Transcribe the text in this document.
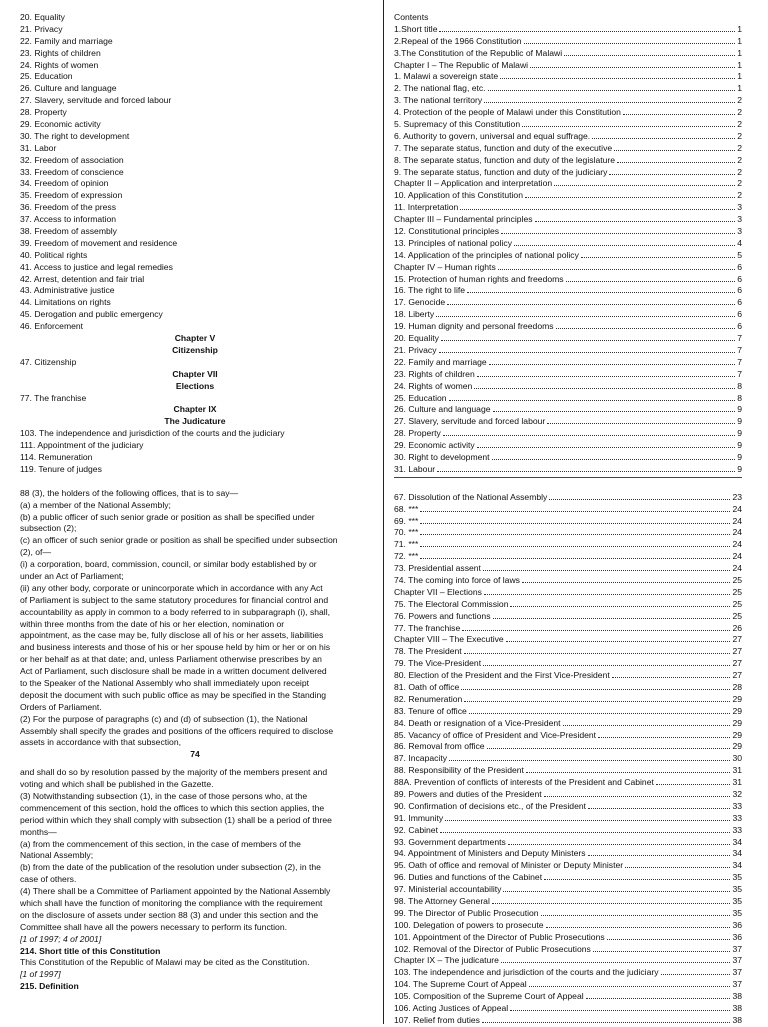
20. Equality
21. Privacy
22. Family and marriage
23. Rights of children
24. Rights of women
25. Education
26. Culture and language
27. Slavery, servitude and forced labour
28. Property
29. Economic activity
30. The right to development
31. Labor
32. Freedom of association
33. Freedom of conscience
34. Freedom of opinion
35. Freedom of expression
36. Freedom of the press
37. Access to information
38. Freedom of assembly
39. Freedom of movement and residence
40. Political rights
41. Access to justice and legal remedies
42. Arrest, detention and fair trial
43. Administrative justice
44. Limitations on rights
45. Derogation and public emergency
46. Enforcement
Chapter V
Citizenship
47. Citizenship
Chapter VII
Elections
77. The franchise
Chapter IX
The Judicature
103. The independence and jurisdiction of the courts and the judiciary
111. Appointment of the judiciary
114. Remuneration
119. Tenure of judges
88 (3), the holders of the following offices, that is to say—
(a) a member of the National Assembly;
(b) a public officer of such senior grade or position as shall be specified under
subsection (2);
(c) an officer of such senior grade or position as shall be specified under subsection
(2), of—
(i) a corporation, board, commission, council, or similar body established by or
under an Act of Parliament;
(ii) any other body, corporate or unincorporate which in accordance with any Act
of Parliament is subject to the same statutory procedures for financial control and
accountability as apply in common to a body referred to in subparagraph (i), shall,
within three months from the date of his or her election, nomination or
appointment, as the case may be, fully disclose all of his or her assets, liabilities
and business interests and those of his or her spouse held by him or her or on his
or her behalf as at that date; and, unless Parliament otherwise prescribes by an
Act of Parliament, such disclosure shall be made in a written document delivered
to the Speaker of the National Assembly who shall immediately upon receipt
deposit the document with such public office as may be specified in the Standing
Orders of Parliament.
(2) For the purpose of paragraphs (c) and (d) of subsection (1), the National
Assembly shall specify the grades and positions of the officers required to disclose
assets in accordance with that subsection,
74
and shall do so by resolution passed by the majority of the members present and
voting and which shall be published in the Gazette.
(3) Notwithstanding subsection (1), in the case of those persons who, at the
commencement of this section, hold the offices to which this section applies, the
period within which they shall comply with subsection (1) shall be a period of three
months—
(a) from the commencement of this section, in the case of members of the
National Assembly;
(b) from the date of the publication of the resolution under subsection (2), in the
case of others.
(4) There shall be a Committee of Parliament appointed by the National Assembly
which shall have the function of monitoring the compliance with the requirement
on the disclosure of assets under section 88 (3) and under this section and the
Committee shall have all the powers necessary to perform its function.
[1 of 1997; 4 of 2001]
214. Short title of this Constitution
This Constitution of the Republic of Malawi may be cited as the Constitution.
[1 of 1997]
215. Definition
Contents
1.Short title	1
2.Repeal of the 1966 Constitution	1
3.The Constitution of the Republic of Malawi	1
Chapter I – The Republic of Malawi	1
1. Malawi a sovereign state	1
2. The national flag, etc.	1
3. The national territory	2
4. Protection of the people of Malawi under this Constitution	2
5. Supremacy of this Constitution	2
6. Authority to govern, universal and equal suffrage.	2
7. The separate status, function and duty of the executive	2
8. The separate status, function and duty of the legislature	2
9. The separate status, function and duty of the judiciary	2
Chapter II – Application and interpretation	2
10. Application of this Constitution	2
11. Interpretation	3
Chapter III – Fundamental principles	3
12. Constitutional principles	3
13. Principles of national policy	4
14. Application of the principles of national policy	5
Chapter IV – Human rights	6
15. Protection of human rights and freedoms	6
16. The right to life	6
17. Genocide	6
18. Liberty	6
19. Human dignity and personal freedoms	6
20. Equality	7
21. Privacy	7
22. Family and marriage	7
23. Rights of children	7
24. Rights of women	8
25. Education	8
26. Culture and language	9
27. Slavery, servitude and forced labour	9
28. Property	9
29. Economic activity	9
30. Right to development	9
31. Labour	9
67. Dissolution of the National Assembly	23
68. ***	24
69. ***	24
70. ***	24
71. ***	24
72. ***	24
73. Presidential assent	24
74. The coming into force of laws	25
Chapter VII – Elections	25
75. The Electoral Commission	25
76. Powers and functions	25
77. The franchise	26
Chapter VIII – The Executive	27
78. The President	27
79. The Vice-President	27
80. Election of the President and the First Vice-President	27
81. Oath of office	28
82. Renumeration	29
83. Tenure of office	29
84. Death or resignation of a Vice-President	29
85. Vacancy of office of President and Vice-President	29
86. Removal from office	29
87. Incapacity	30
88. Responsibility of the President	31
88A. Prevention of conflicts of interests of the President and Cabinet	31
89. Powers and duties of the President	32
90. Confirmation of decisions etc., of the President	33
91. Immunity	33
92. Cabinet	33
93. Government departments	34
94. Appointment of Ministers and Deputy Ministers	34
95. Oath of office and removal of Minister or Deputy Minister	34
96. Duties and functions of the Cabinet	35
97. Ministerial accountability	35
98. The Attorney General	35
99. The Director of Public Prosecution	35
100. Delegation of powers to prosecute	36
101. Appointment of the Director of Public Prosecutions	36
102. Removal of the Director of Public Prosecutions	37
Chapter IX – The judicature	37
103. The independence and jurisdiction of the courts and the judiciary	37
104. The Supreme Court of Appeal	37
105. Composition of the Supreme Court of Appeal	38
106. Acting Justices of Appeal	38
107. Relief from duties	38
